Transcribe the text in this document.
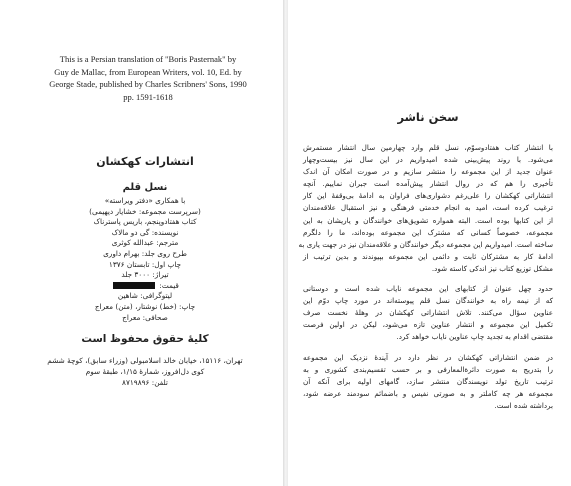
This is a Persian translation of "Boris Pasternak" by
Guy de Mallac, from European Writers, vol. 10, Ed. by
George Stade, published by Charles Scribners' Sons, 1990
pp. 1591-1618
انتشارات کهکشان
نسل قلم
با همکاری «دفتر ویراسته»
(سرپرست مجموعه: خشایار دیهیمی)
کتاب هفتادوپنجم، باریس پاسترناک
نویسنده: گی دو مالاک
مترجم: عبدالله کوثری
طرح روی جلد: بهرام داوری
چاپ اول: تابستان ۱۳۷۶
تیراژ: ۳۰۰۰ جلد
قیمت:
لیتوگرافی: شاهین
چاپ: (خط) نوشتار، (متن) معراج
صحافی: معراج
کلیهٔ حقوق محفوظ است
تهران، ۱۵۱۱۶، خیابان خالد اسلامبولی (وزراء سابق)، کوچهٔ ششم
کوی دل‌افروز، شمارهٔ ۱/۱۵، طبقهٔ سوم
تلفن: ۸۷۱۹۸۹۶
سخن ناشر
با انتشار کتاب هفتادوسوّم، نسل قلم وارد چهارمین سال انتشار مستمرش
می‌شود. با روند پیش‌بینی شده امیدواریم در این سال نیز بیست‌وچهار
عنوان جدید از این مجموعه را منتشر سازیم و در صورت امکان آن اندک
تأخیری را هم که در روال انتشار پیش‌آمده است جبران نماییم. آنچه
انتشاراتی کهکشان را علی‌رغم دشواری‌های فراوان به ادامهٔ بی‌وقفهٔ این کار
ترغیب کرده است، امید به انجام خدمتی فرهنگی و نیز استقبال علاقه‌مندان
از این کتابها بوده است. البته همواره تشویق‌های خوانندگان و یاریشان به این
مجموعه، خصوصاً کسانی که مشترک این مجموعه بوده‌اند، ما را دلگرم
ساخته است. امیدواریم این مجموعه دیگر خوانندگان و علاقه‌مندان نیز در جهت یاری به
ادامهٔ کار به مشترکان ثابت و دائمی این مجموعه بپیوندند و بدین ترتیب از
مشکل توزیع کتاب نیز اندکی کاسته شود.
حدود چهل عنوان از کتابهای این مجموعه نایاب شده است و دوستانی
که از نیمه راه به خوانندگان نسل قلم پیوسته‌اند در مورد چاپ دوّم این
عناوین سؤال می‌کنند. تلاش انتشاراتی کهکشان در وهلهٔ نخست صرف
تکمیل این مجموعه و انتشار عناوین تازه می‌شود، لیکن در اولین فرصت
مقتضی اقدام به تجدید چاپ عناوین نایاب خواهد کرد.
در ضمن انتشاراتی کهکشان در نظر دارد در آیندهٔ نزدیک این مجموعه
را بتدریج به صورت دائرةالمعارفی و بر حسب تقسیم‌بندی کشوری و به
ترتیب تاریخ تولد نویسندگان منتشر سازد، گامهای اولیه برای آنکه آن
مجموعه هر چه کاملتر و به صورتی نفیس و باضمائم سودمند عرضه شود،
برداشته شده است.
